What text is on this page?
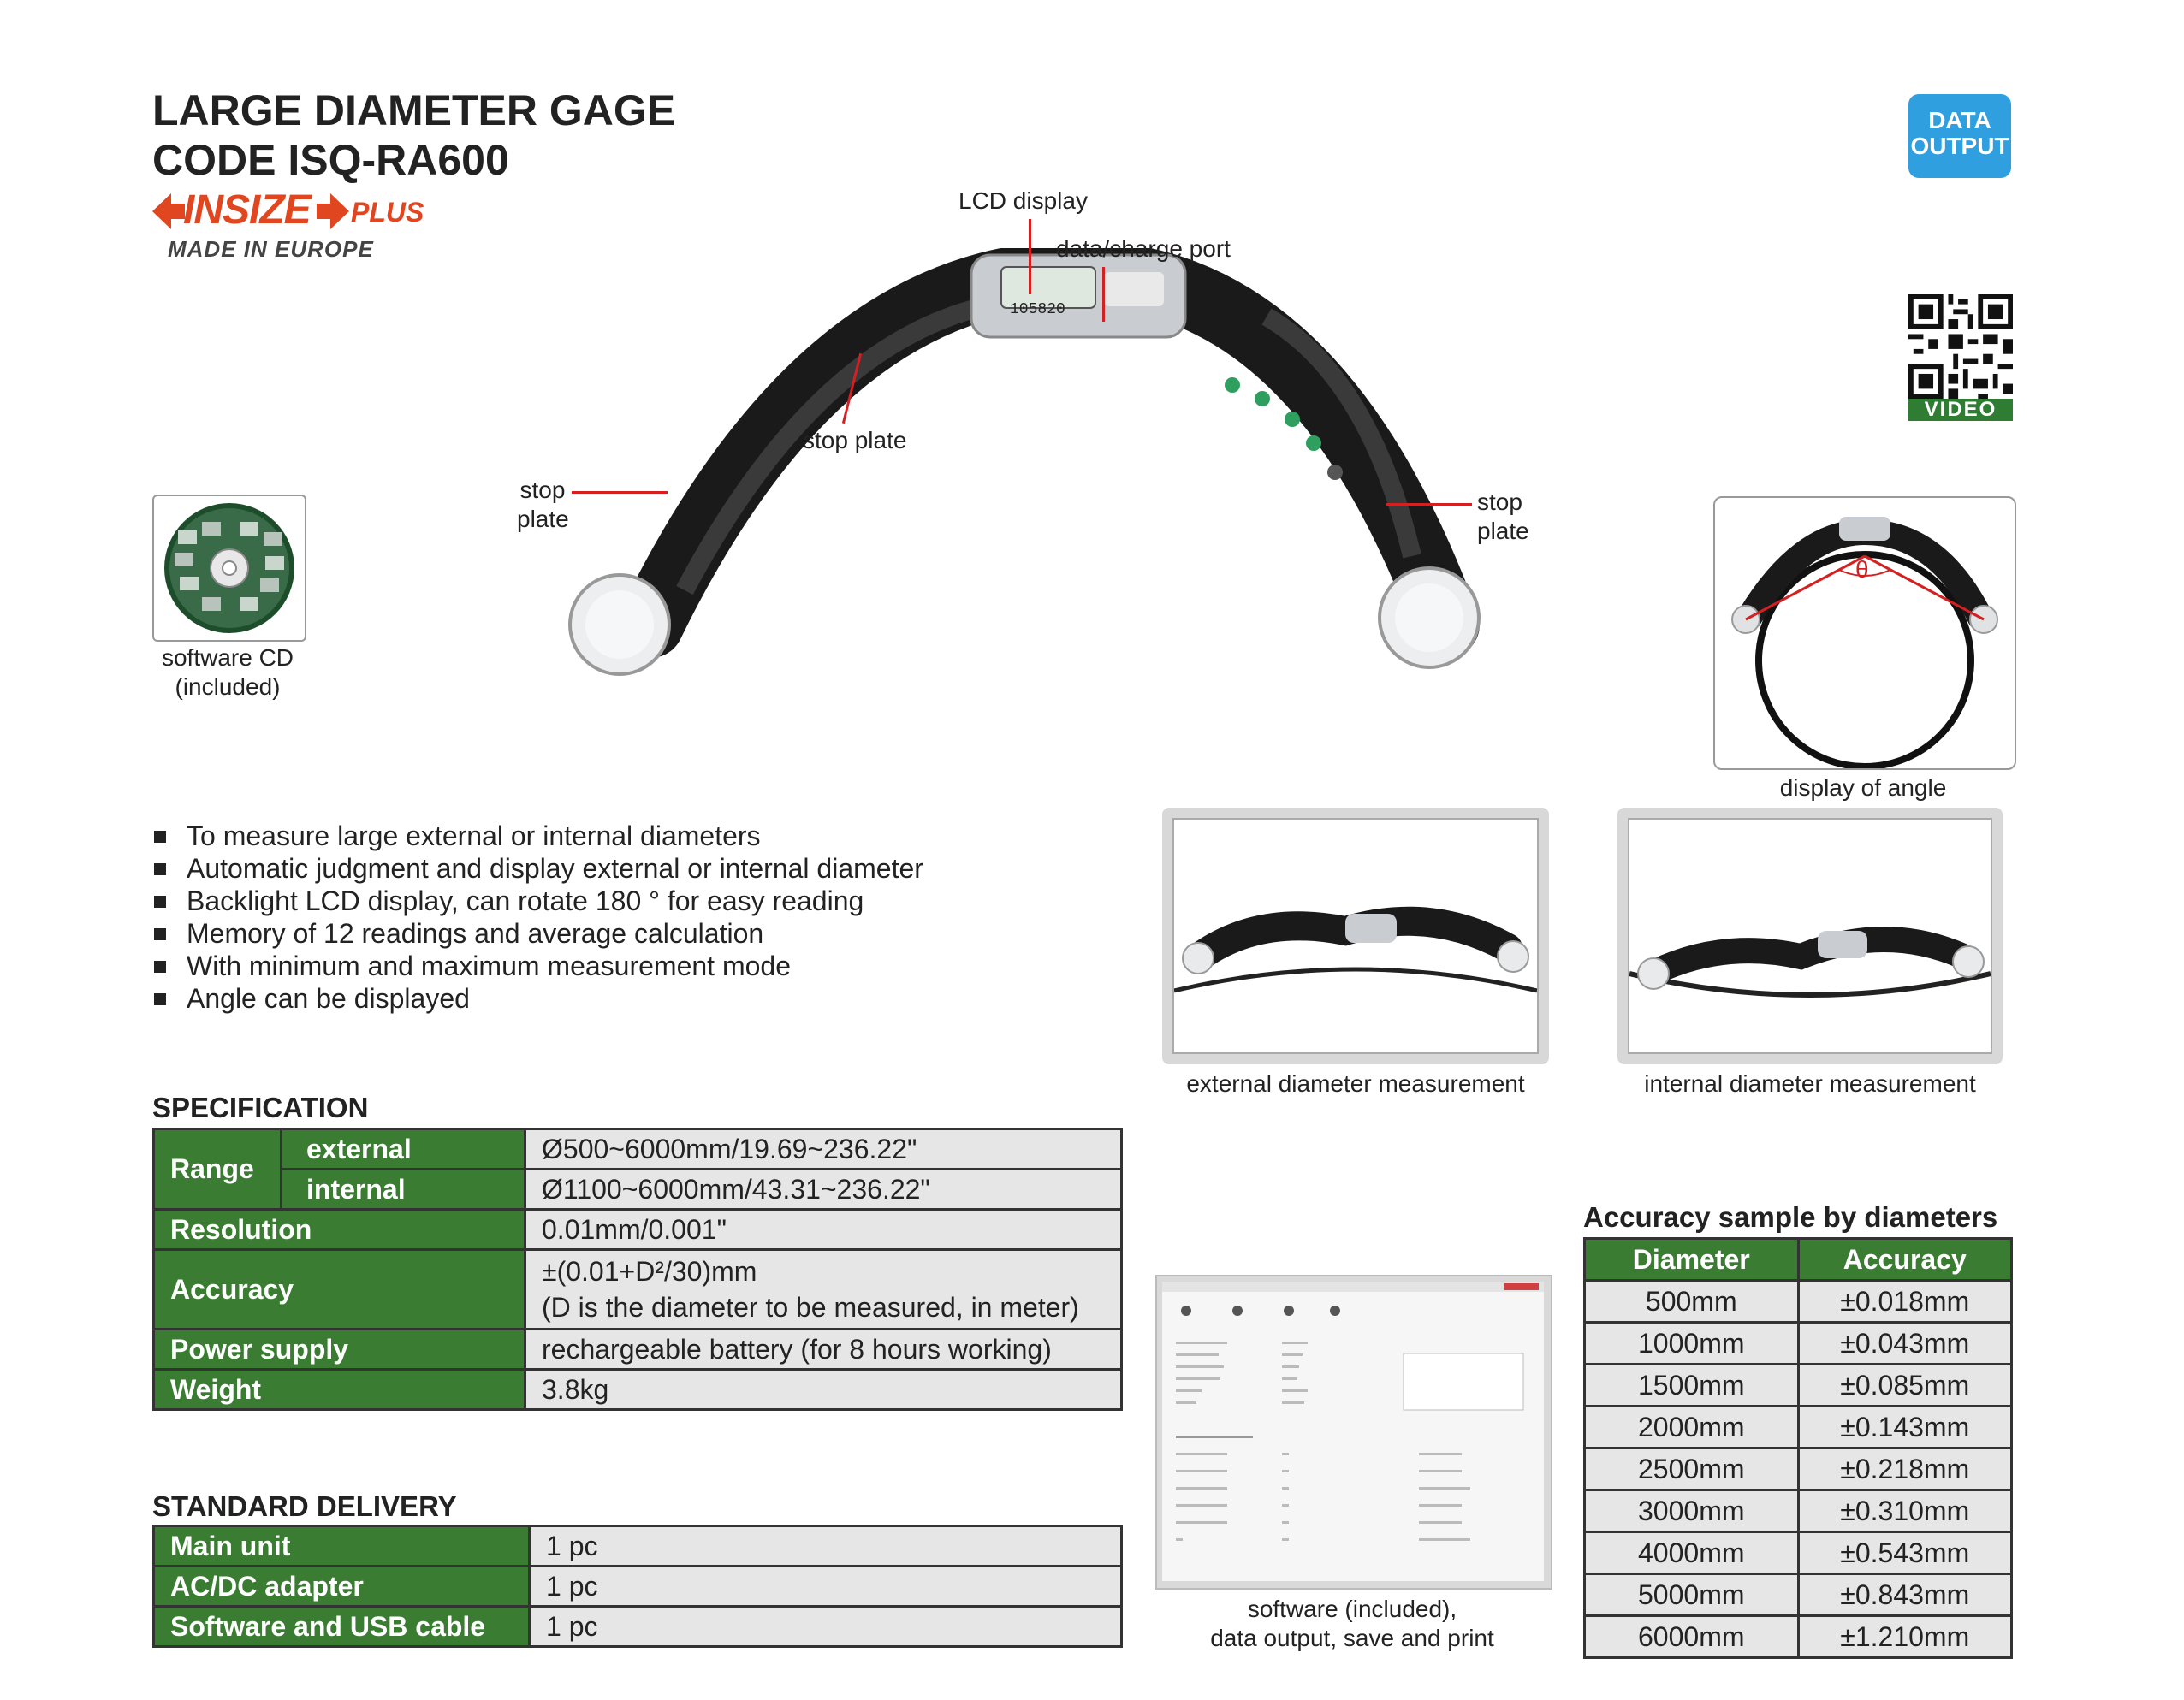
LARGE DIAMETER GAGE
CODE ISQ-RA600
INSIZE PLUS
MADE IN EUROPE
DATA OUTPUT
VIDEO
105820
LCD display
data/charge port
stop plate
stop plate
stop plate
software CD
(included)
θ
display of angle
To measure large external or internal diameters
Automatic judgment and display external or internal diameter
Backlight LCD display, can rotate 180 ° for easy reading
Memory of 12 readings and average calculation
With minimum and maximum measurement mode
Angle can be displayed
external diameter measurement	internal diameter measurement
SPECIFICATION
Range	external	Ø500~6000mm/19.69~236.22"
	internal	Ø1100~6000mm/43.31~236.22"
Resolution		0.01mm/0.001"
Accuracy		±(0.01+D²/30)mm
(D is the diameter to be measured, in meter)

Power supply		rechargeable battery (for 8 hours working)
Weight		3.8kg
STANDARD DELIVERY
Main unit	1 pc
AC/DC adapter	1 pc
Software and USB cable	1 pc
software (included),
data output, save and print
Accuracy sample by diameters
Diameter	Accuracy
500mm	±0.018mm
1000mm	±0.043mm
1500mm	±0.085mm
2000mm	±0.143mm
2500mm	±0.218mm
3000mm	±0.310mm
4000mm	±0.543mm
5000mm	±0.843mm
6000mm	±1.210mm
